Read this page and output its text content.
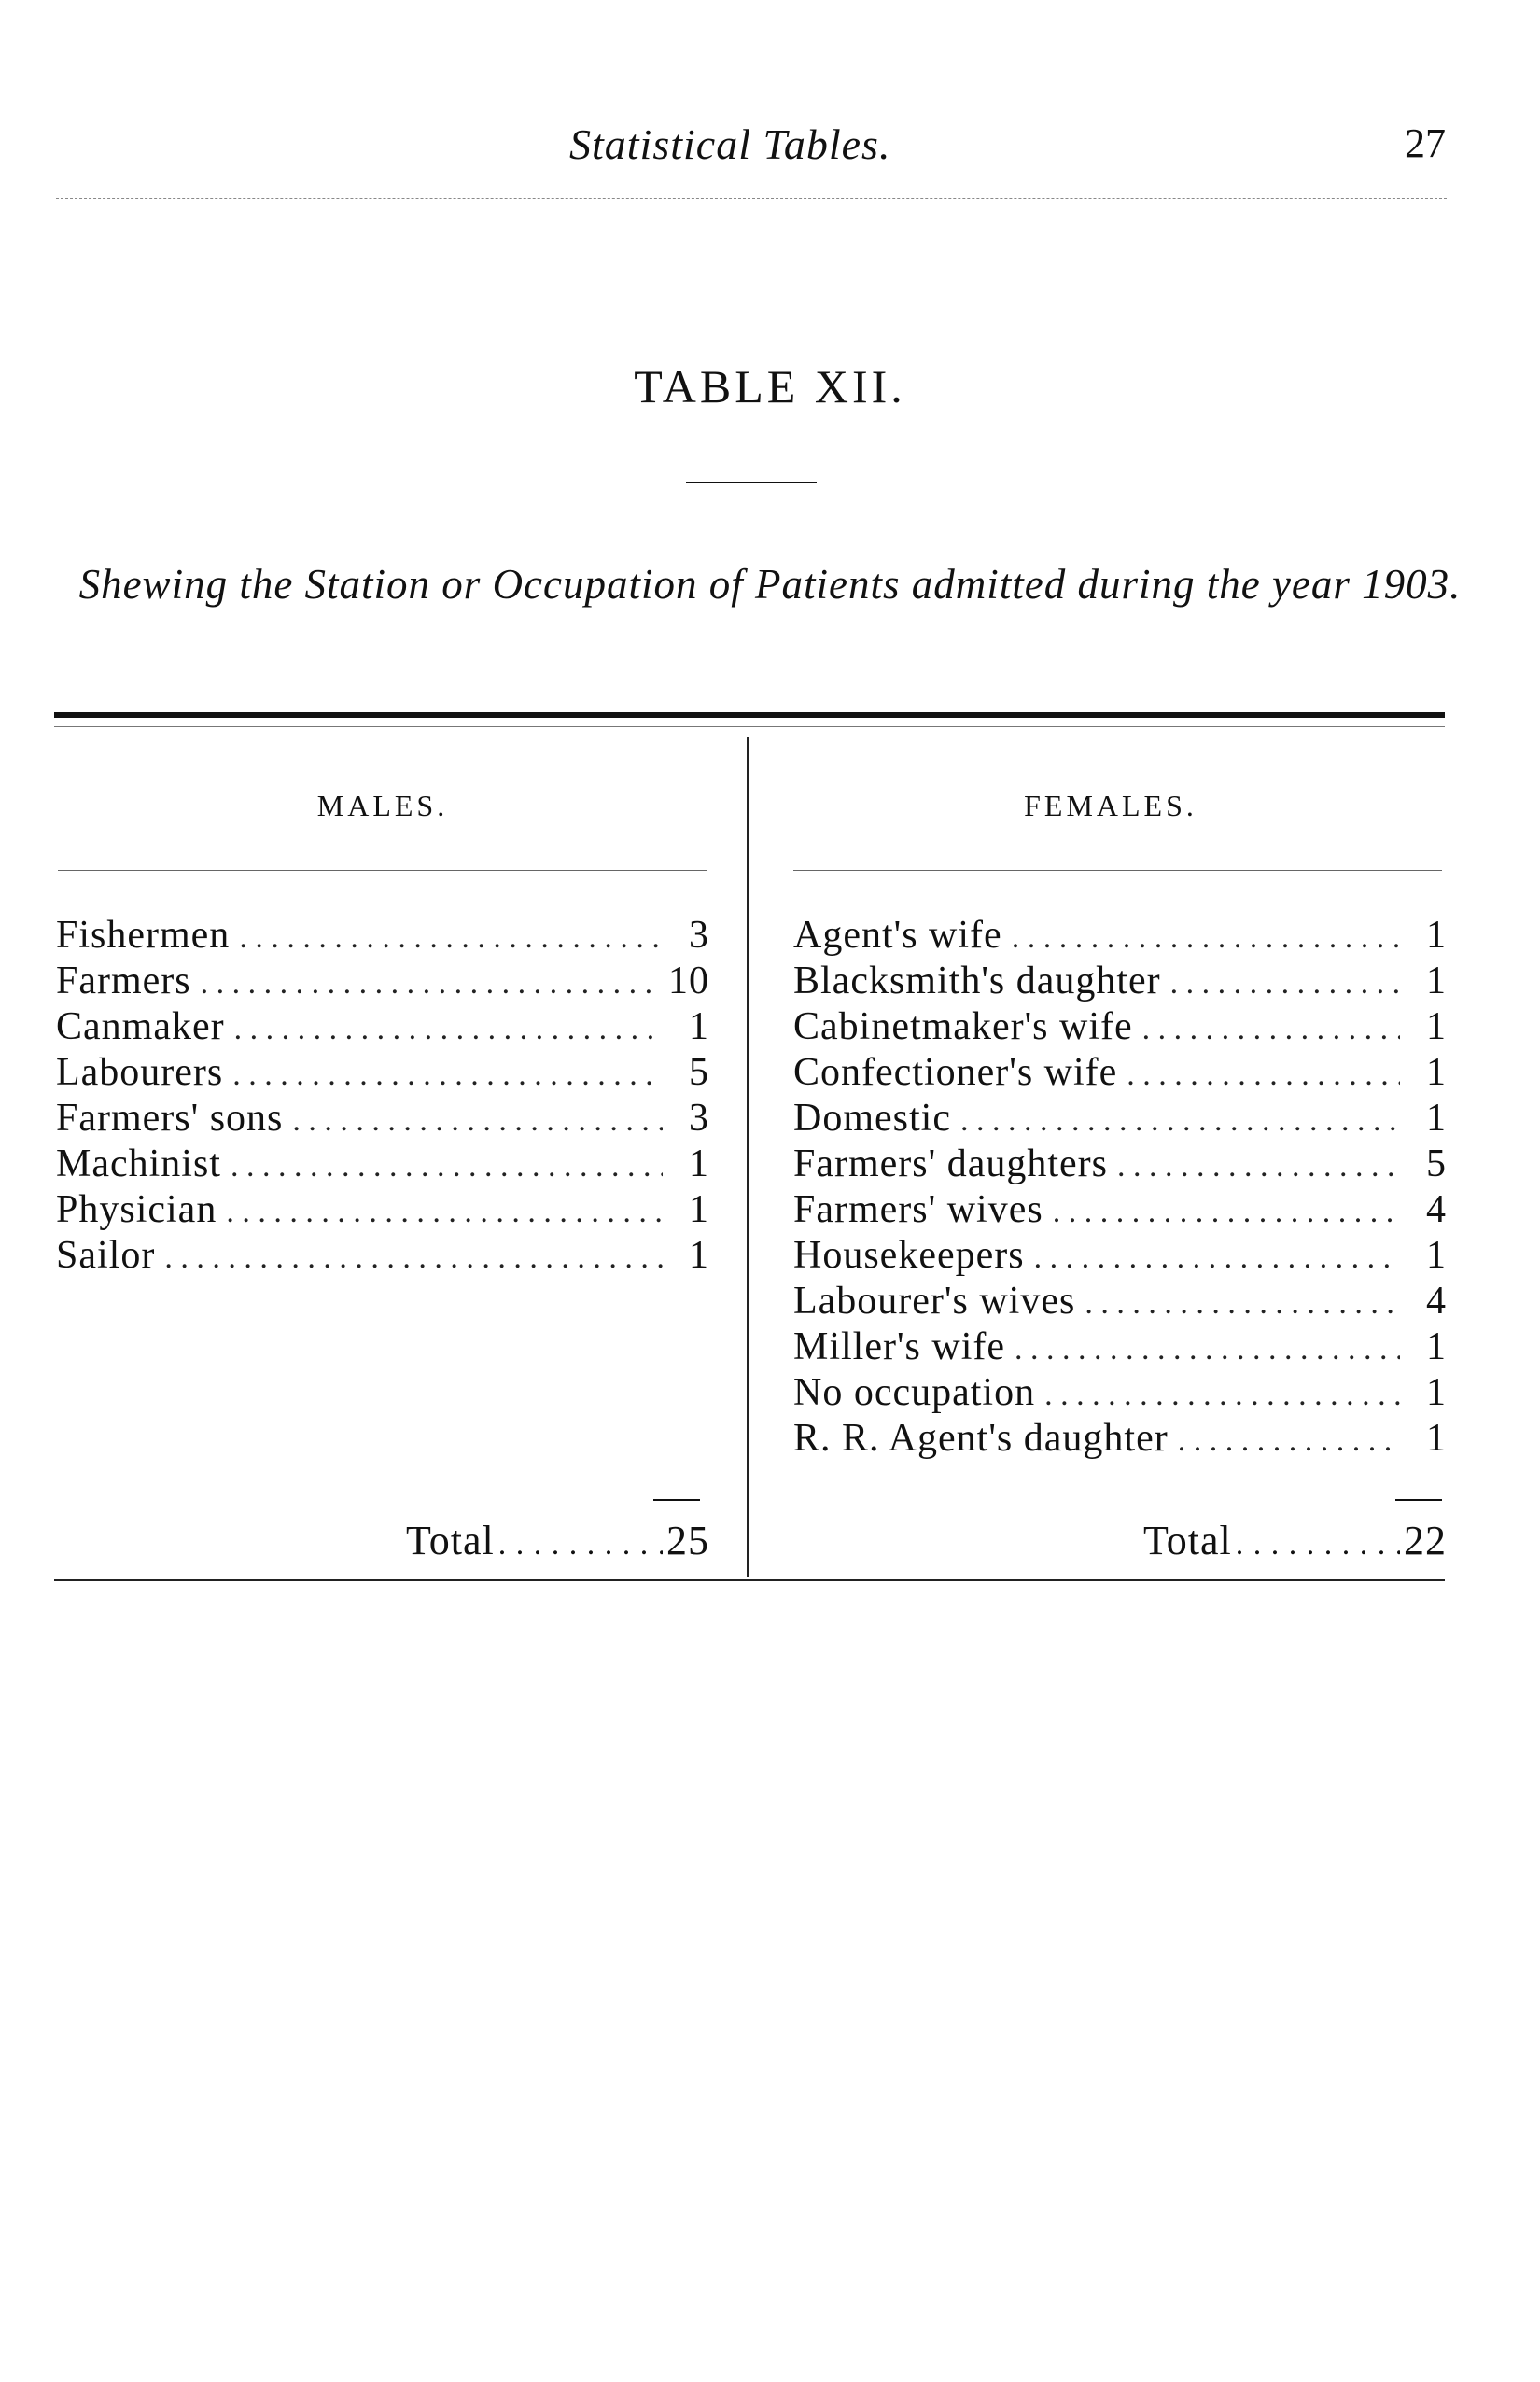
Statistical Tables.	27
TABLE XII.
Shewing the Station or Occupation of Patients admitted during the year 1903.
MALES.	FEMALES.
Fishermen . . .	3
Farmers . . .	10
Canmaker . . .	1
Labourers . . .	5
Farmers' sons . . .	3
Machinist . . .	1
Physician . . .	1
Sailor . . .	1
Agent's wife . . .	1
Blacksmith's daughter . . .	1
Cabinetmaker's wife . . .	1
Confectioner's wife . . .	1
Domestic . . .	1
Farmers' daughters . . .	5
Farmers' wives . . .	4
Housekeepers . . .	1
Labourer's wives . . .	4
Miller's wife . . .	1
No occupation . . .	1
R. R. Agent's daughter . . .	1
Total . . .	25	Total . . .	22
